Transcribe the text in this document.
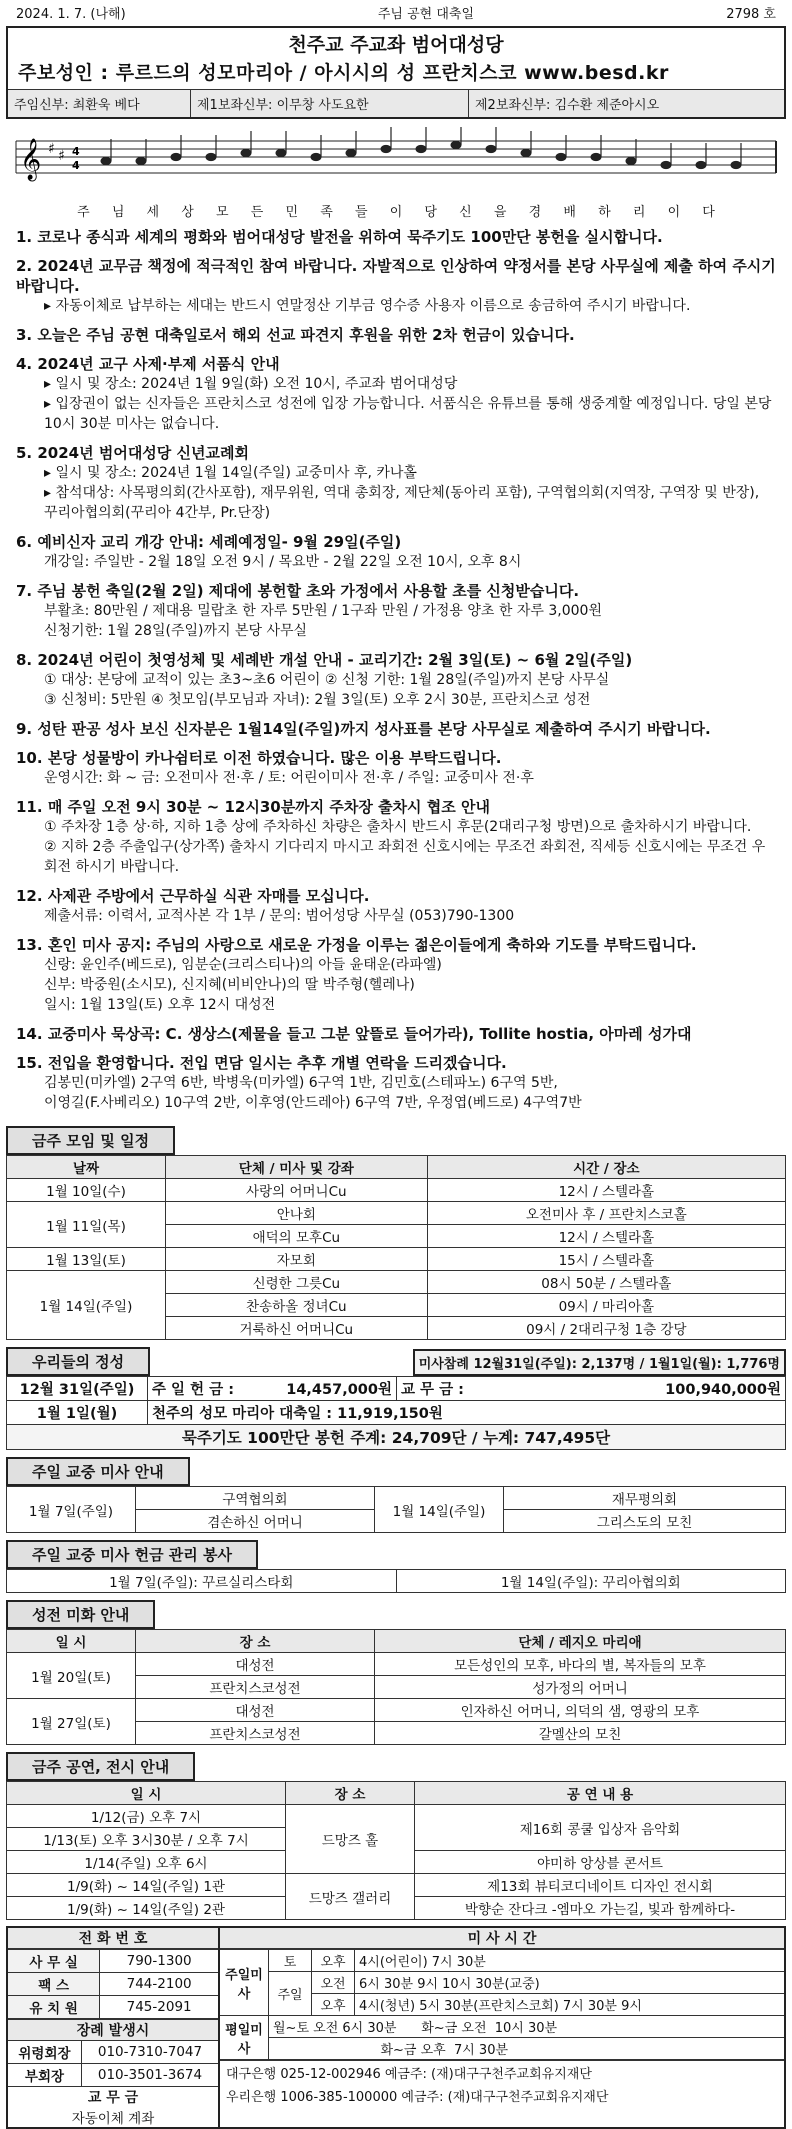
2024. 1. 7. (나해)	주님 공현 대축일	2798 호
천주교 주교좌 범어대성당
주보성인 : 루르드의 성모마리아 / 아시시의 성 프란치스코 www.besd.kr
주임신부: 최환욱 베다	제1보좌신부: 이무창 사도요한	제2보좌신부: 김수환 제준아시오
𝄞 ♯ ♯ 4
4
주 님 세 상 모 든 민 족 들 이 당 신 을 경 배 하 리 이 다
1. 코로나 종식과 세계의 평화와 범어대성당 발전을 위하여 묵주기도 100만단 봉헌을 실시합니다.
2. 2024년 교무금 책정에 적극적인 참여 바랍니다. 자발적으로 인상하여 약정서를 본당 사무실에 제출 하여 주시기 바랍니다.
▸ 자동이체로 납부하는 세대는 반드시 연말정산 기부금 영수증 사용자 이름으로 송금하여 주시기 바랍니다.
3. 오늘은 주님 공현 대축일로서 해외 선교 파견지 후원을 위한 2차 헌금이 있습니다.
4. 2024년 교구 사제·부제 서품식 안내
▸ 일시 및 장소: 2024년 1월 9일(화) 오전 10시, 주교좌 범어대성당
▸ 입장권이 없는 신자들은 프란치스코 성전에 입장 가능합니다. 서품식은 유튜브를 통해 생중계할 예정입니다. 당일 본당 10시 30분 미사는 없습니다.
5. 2024년 범어대성당 신년교례회
▸ 일시 및 장소: 2024년 1월 14일(주일) 교중미사 후, 카나홀
▸ 참석대상: 사목평의회(간사포함), 재무위원, 역대 총회장, 제단체(동아리 포함), 구역협의회(지역장, 구역장 및 반장), 꾸리아협의회(꾸리아 4간부, Pr.단장)
6. 예비신자 교리 개강 안내: 세례예정일- 9월 29일(주일)
개강일: 주일반 - 2월 18일 오전 9시 / 목요반 - 2월 22일 오전 10시, 오후 8시
7. 주님 봉헌 축일(2월 2일) 제대에 봉헌할 초와 가정에서 사용할 초를 신청받습니다.
부활초: 80만원 / 제대용 밀랍초 한 자루 5만원 / 1구좌 만원 / 가정용 양초 한 자루 3,000원
신청기한: 1월 28일(주일)까지 본당 사무실
8. 2024년 어린이 첫영성체 및 세례반 개설 안내 - 교리기간: 2월 3일(토) ~ 6월 2일(주일)
① 대상: 본당에 교적이 있는 초3~초6 어린이 ② 신청 기한: 1월 28일(주일)까지 본당 사무실
③ 신청비: 5만원 ④ 첫모임(부모님과 자녀): 2월 3일(토) 오후 2시 30분, 프란치스코 성전
9. 성탄 판공 성사 보신 신자분은 1월14일(주일)까지 성사표를 본당 사무실로 제출하여 주시기 바랍니다.
10. 본당 성물방이 카나쉼터로 이전 하였습니다. 많은 이용 부탁드립니다.
운영시간: 화 ~ 금: 오전미사 전·후 / 토: 어린이미사 전·후 / 주일: 교중미사 전·후
11. 매 주일 오전 9시 30분 ~ 12시30분까지 주차장 출차시 협조 안내
① 주차장 1층 상·하, 지하 1층 상에 주차하신 차량은 출차시 반드시 후문(2대리구청 방면)으로 출차하시기 바랍니다.
② 지하 2층 주출입구(상가쪽) 출차시 기다리지 마시고 좌회전 신호시에는 무조건 좌회전, 직세등 신호시에는 무조건 우회전 하시기 바랍니다.
12. 사제관 주방에서 근무하실 식관 자매를 모십니다.
제출서류: 이력서, 교적사본 각 1부 / 문의: 범어성당 사무실 (053)790-1300
13. 혼인 미사 공지: 주님의 사랑으로 새로운 가정을 이루는 젊은이들에게 축하와 기도를 부탁드립니다.
신랑: 윤인주(베드로), 임분순(크리스티나)의 아들 윤태운(라파엘)
신부: 박중원(소시모), 신지혜(비비안나)의 딸 박주형(헬레나)
일시: 1월 13일(토) 오후 12시 대성전
14. 교중미사 묵상곡: C. 생상스(제물을 들고 그분 앞뜰로 들어가라), Tollite hostia, 아마레 성가대
15. 전입을 환영합니다. 전입 면담 일시는 추후 개별 연락을 드리겠습니다.
김봉민(미카엘) 2구역 6반, 박병욱(미카엘) 6구역 1반, 김민호(스테파노) 6구역 5반,
이영길(F.사베리오) 10구역 2반, 이후영(안드레아) 6구역 7반, 우정엽(베드로) 4구역7반
금주 모임 및 일정
날짜	단체 / 미사 및 강좌	시간 / 장소
1월 10일(수)	사랑의 어머니Cu	12시 / 스텔라홀
1월 11일(목)	안나회	오전미사 후 / 프란치스코홀
	애덕의 모후Cu	12시 / 스텔라홀
1월 13일(토)	자모회	15시 / 스텔라홀
1월 14일(주일)	신령한 그릇Cu	08시 50분 / 스텔라홀
	찬송하올 정녀Cu	09시 / 마리아홀
	거룩하신 어머니Cu	09시 / 2대리구청 1층 강당
우리들의 정성	미사참례 12월31일(주일): 2,137명 / 1월1일(월): 1,776명
12월 31일(주일)	주 일 헌 금 :	14,457,000원	교 무 금 :	100,940,000원
1월 1일(월)	천주의 성모 마리아 대축일 : 11,919,150원			
묵주기도 100만단 봉헌 주계: 24,709단 / 누계: 747,495단				
주일 교중 미사 안내
1월 7일(주일)	구역협의회	1월 14일(주일)	재무평의회
	겸손하신 어머니		그리스도의 모친
주일 교중 미사 헌금 관리 봉사
1월 7일(주일): 꾸르실리스타회	1월 14일(주일): 꾸리아협의회
성전 미화 안내
일 시	장 소	단체 / 레지오 마리애
1월 20일(토)	대성전	모든성인의 모후, 바다의 별, 복자들의 모후
	프란치스코성전	성가정의 어머니
1월 27일(토)	대성전	인자하신 어머니, 의덕의 샘, 영광의 모후
	프란치스코성전	갈멜산의 모친
금주 공연, 전시 안내
일 시	장 소	공 연 내 용
1/12(금) 오후 7시	드망즈 홀	제16회 콩쿨 입상자 음악회
1/13(토) 오후 3시30분 / 오후 7시		
1/14(주일) 오후 6시		야미하 앙상블 콘서트
1/9(화) ~ 14일(주일) 1관	드망즈 갤러리	제13회 뷰티코디네이트 디자인 전시회
1/9(화) ~ 14일(주일) 2관		박향순 잔다크 -엠마오 가는길, 빛과 함께하다-
전 화 번 호
사 무 실	790-1300
팩 스	744-2100
유 치 원	745-2091
장례 발생시
위령회장	010-7310-7047
부회장	010-3501-3674
교 무 금
자동이체 계좌
미 사 시 간
주일미사	토	오후	4시(어린이) 7시 30분
	주일	오전	6시 30분 9시 10시 30분(교중)
		오후	4시(청년) 5시 30분(프란치스코회) 7시 30분 9시
평일미사	월~토 오전 6시 30분      화~금 오전  10시 30분		
	화~금 오후  7시 30분		
대구은행 025-12-002946 예금주: (재)대구구천주교회유지재단
우리은행 1006-385-100000 예금주: (재)대구구천주교회유지재단
